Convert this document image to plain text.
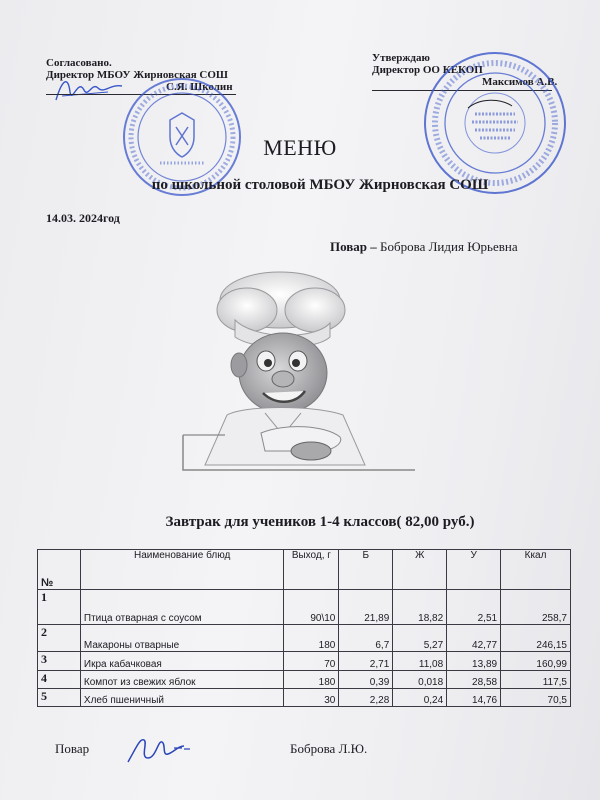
Согласовано.
Директор МБОУ Жирновская СОШ
С.Я. Школин
Утверждаю
Директор ОО КЕКОП
Максимов А.В.
МЕНЮ
по школьной столовой МБОУ Жирновская СОШ
14.03. 2024год
Повар – Боброва Лидия Юрьевна
Завтрак для учеников 1-4 классов( 82,00 руб.)
№	Наименование блюд	Выход, г	Б	Ж	У	Ккал
1	Птица отварная с соусом	90\10	21,89	18,82	2,51	258,7
2	Макароны отварные	180	6,7	5,27	42,77	246,15
3	Икра кабачковая	70	2,71	11,08	13,89	160,99
4	Компот из свежих яблок	180	0,39	0,018	28,58	117,5
5	Хлеб пшеничный	30	2,28	0,24	14,76	70,5
Повар	Боброва Л.Ю.
